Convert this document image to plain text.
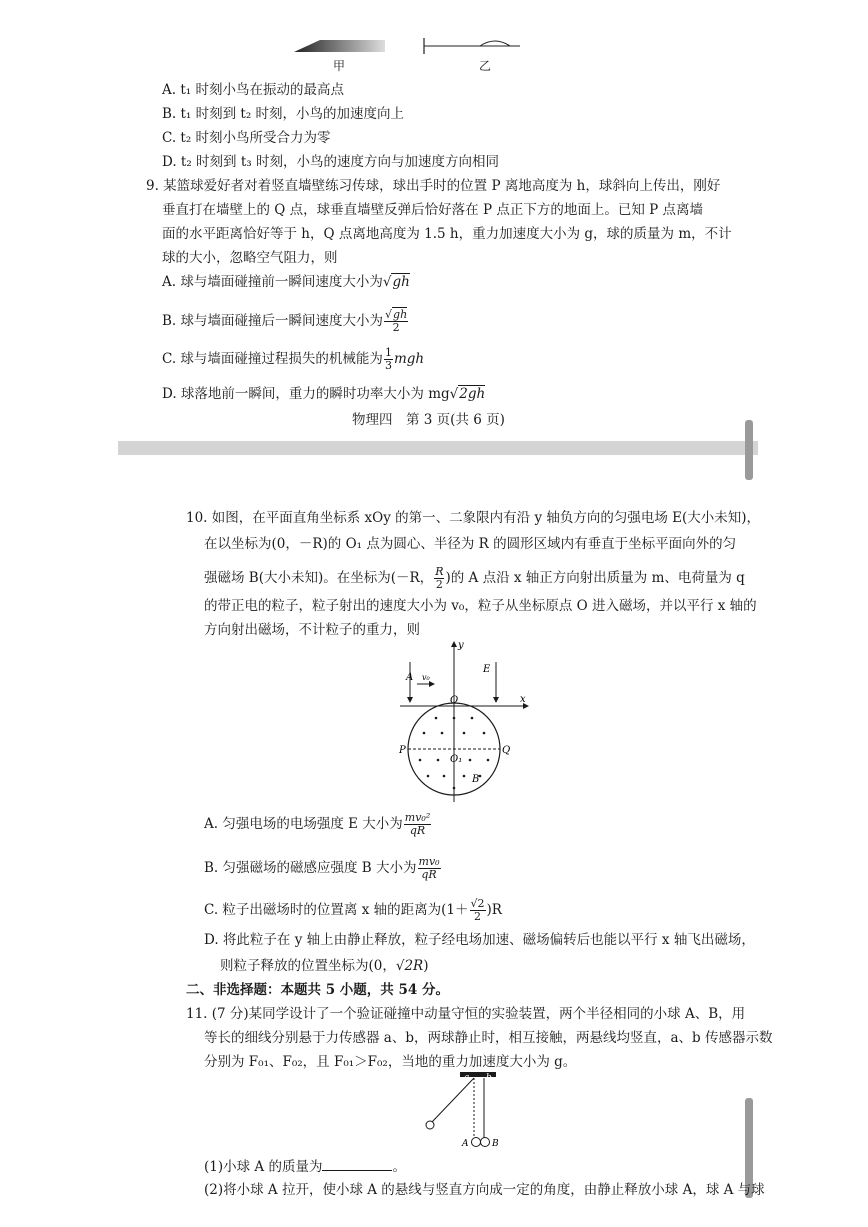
甲	乙
A. t₁ 时刻小鸟在振动的最高点
B. t₁ 时刻到 t₂ 时刻，小鸟的加速度向上
C. t₂ 时刻小鸟所受合力为零
D. t₂ 时刻到 t₃ 时刻，小鸟的速度方向与加速度方向相同
9. 某篮球爱好者对着竖直墙壁练习传球，球出手时的位置 P 离地高度为 h，球斜向上传出，刚好
垂直打在墙壁上的 Q 点，球垂直墙壁反弹后恰好落在 P 点正下方的地面上。已知 P 点离墙
面的水平距离恰好等于 h，Q 点离地高度为 1.5 h，重力加速度大小为 g，球的质量为 m，不计
球的大小，忽略空气阻力，则
A. 球与墙面碰撞前一瞬间速度大小为√gh
B. 球与墙面碰撞后一瞬间速度大小为 $\frac{√gh}{2}$
C. 球与墙面碰撞过程损失的机械能为 $\frac{1}{3}$ mgh
D. 球落地前一瞬间，重力的瞬时功率大小为 mg√2gh
物理四　第 3 页(共 6 页)
10. 如图，在平面直角坐标系 xOy 的第一、二象限内有沿 y 轴负方向的匀强电场 E(大小未知)，
在以坐标为(0，－R)的 O₁ 点为圆心、半径为 R 的圆形区域内有垂直于坐标平面向外的匀
强磁场 B(大小未知)。在坐标为(－R， $\frac{R}{2}$ )的 A 点沿 x 轴正方向射出质量为 m、电荷量为 q
的带正电的粒子，粒子射出的速度大小为 v₀，粒子从坐标原点 O 进入磁场，并以平行 x 轴的
方向射出磁场，不计粒子的重力，则
y
x
O
E
A v₀
P	Q
O₁
B
A. 匀强电场的电场强度 E 大小为 $\frac{\text{mv₀²}}{qR}$
B. 匀强磁场的磁感应强度 B 大小为 $\frac{\text{mv₀}}{qR}$
C. 粒子出磁场时的位置离 x 轴的距离为$(1+ \frac{√2}{2} )R$
D. 将此粒子在 y 轴上由静止释放，粒子经电场加速、磁场偏转后也能以平行 x 轴飞出磁场，
则粒子释放的位置坐标为(0，√2R)
二、非选择题：本题共 5 小题，共 54 分。
11. (7 分)某同学设计了一个验证碰撞中动量守恒的实验装置，两个半径相同的小球 A、B，用
等长的细线分别悬于力传感器 a、b，两球静止时，相互接触，两悬线均竖直，a、b 传感器示数
分别为 F₀₁、F₀₂，且 F₀₁＞F₀₂，当地的重力加速度大小为 g。
a b
A	B
(1)小球 A 的质量为	。
(2)将小球 A 拉开，使小球 A 的悬线与竖直方向成一定的角度，由静止释放小球 A，球 A 与球
